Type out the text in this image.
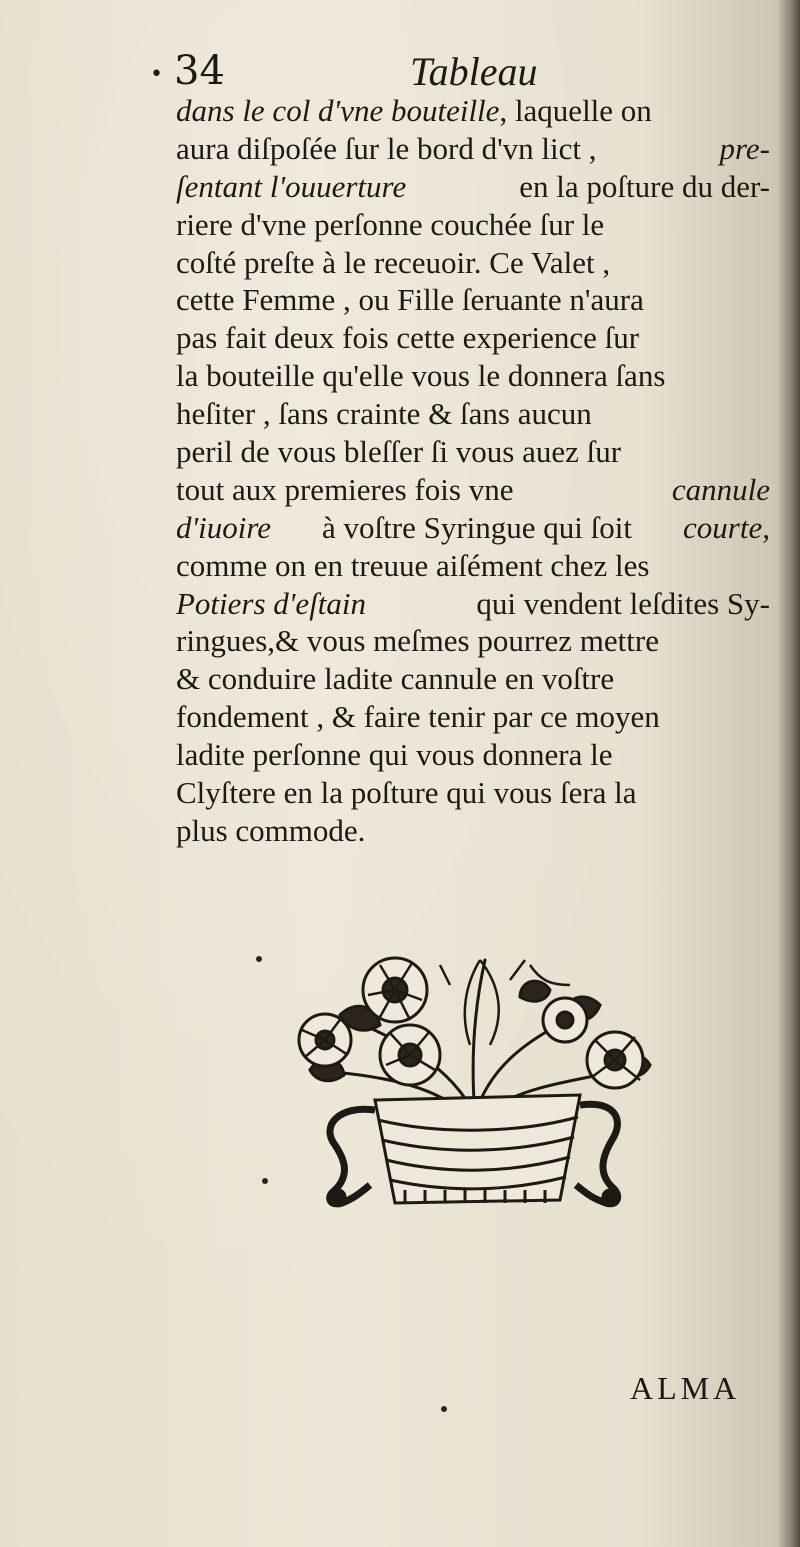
• 34	Tableau
dans le col d'vne bouteille, laquelle on
aura diſpoſée ſur le bord d'vn lict ,	pre-
ſentant l'ouuerture	en la poſture du der-
riere d'vne perſonne couchée ſur le
coſté preſte à le receuoir. Ce Valet ,
cette Femme , ou Fille ſeruante n'aura
pas fait deux fois cette experience ſur
la bouteille qu'elle vous le donnera ſans
heſiter , ſans crainte & ſans aucun
peril de vous bleſſer ſi vous auez ſur
tout aux premieres fois vne	cannule
d'iuoire à voſtre Syringue qui ſoit courte,
comme on en treuue aiſément chez les
Potiers d'eſtain	qui vendent leſdites Sy-
ringues,& vous meſmes pourrez mettre
& conduire ladite cannule en voſtre
fondement , & faire tenir par ce moyen
ladite perſonne qui vous donnera le
Clyſtere en la poſture qui vous ſera la
plus commode.
ALMA
